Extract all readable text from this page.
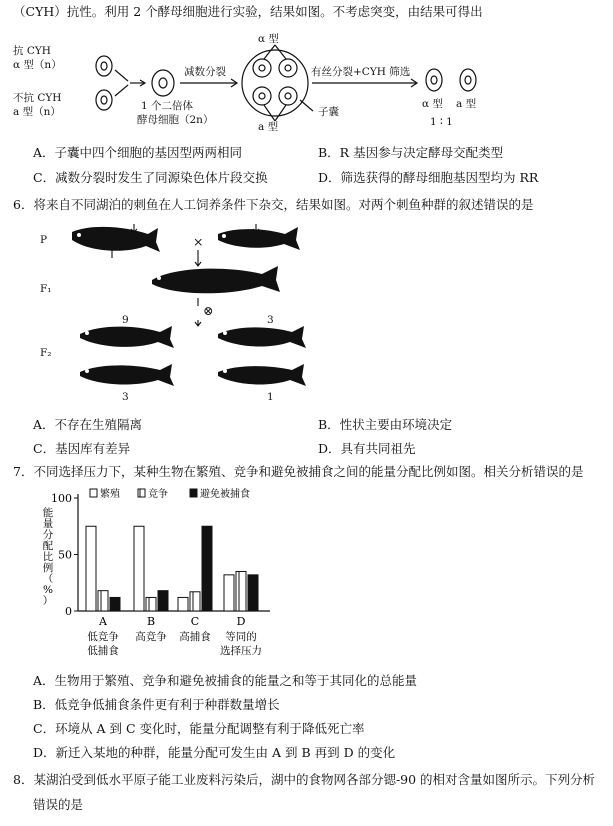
（CYH）抗性。利用 2 个酵母细胞进行实验，结果如图。不考虑突变，由结果可得出
抗 CYH
α 型（n）
不抗 CYH
a 型（n）	1 个二倍体
酵母细胞（2n）
减数分裂
α 型
a 型
子囊
有丝分裂+CYH 筛选
α 型 a 型
1 ∶ 1
A．子囊中四个细胞的基因型两两相同	B．R 基因参与决定酵母交配类型
C．减数分裂时发生了同源染色体片段交换	D．筛选获得的酵母细胞基因型均为 RR
6．将来自不同湖泊的刺鱼在人工饲养条件下杂交，结果如图。对两个刺鱼种群的叙述错误的是
P
F₁
F₂
×
⊗
9	3
3	1
A．不存在生殖隔离	B．性状主要由环境决定
C．基因库有差异	D．具有共同祖先
7．不同选择压力下，某种生物在繁殖、竞争和避免被捕食之间的能量分配比例如图。相关分析错误的是
0
50
100
能量分配比例（%）
繁殖	竞争	避免被捕食
A
低竞争
低捕食
B
高竞争
C
高捕食
D
等同的
选择压力
A．生物用于繁殖、竞争和避免被捕食的能量之和等于其同化的总能量
B．低竞争低捕食条件更有利于种群数量增长
C．环境从 A 到 C 变化时，能量分配调整有利于降低死亡率
D．新迁入某地的种群，能量分配可发生由 A 到 B 再到 D 的变化
8．某湖泊受到低水平原子能工业废料污染后，湖中的食物网各部分锶-90 的相对含量如图所示。下列分析
错误的是
